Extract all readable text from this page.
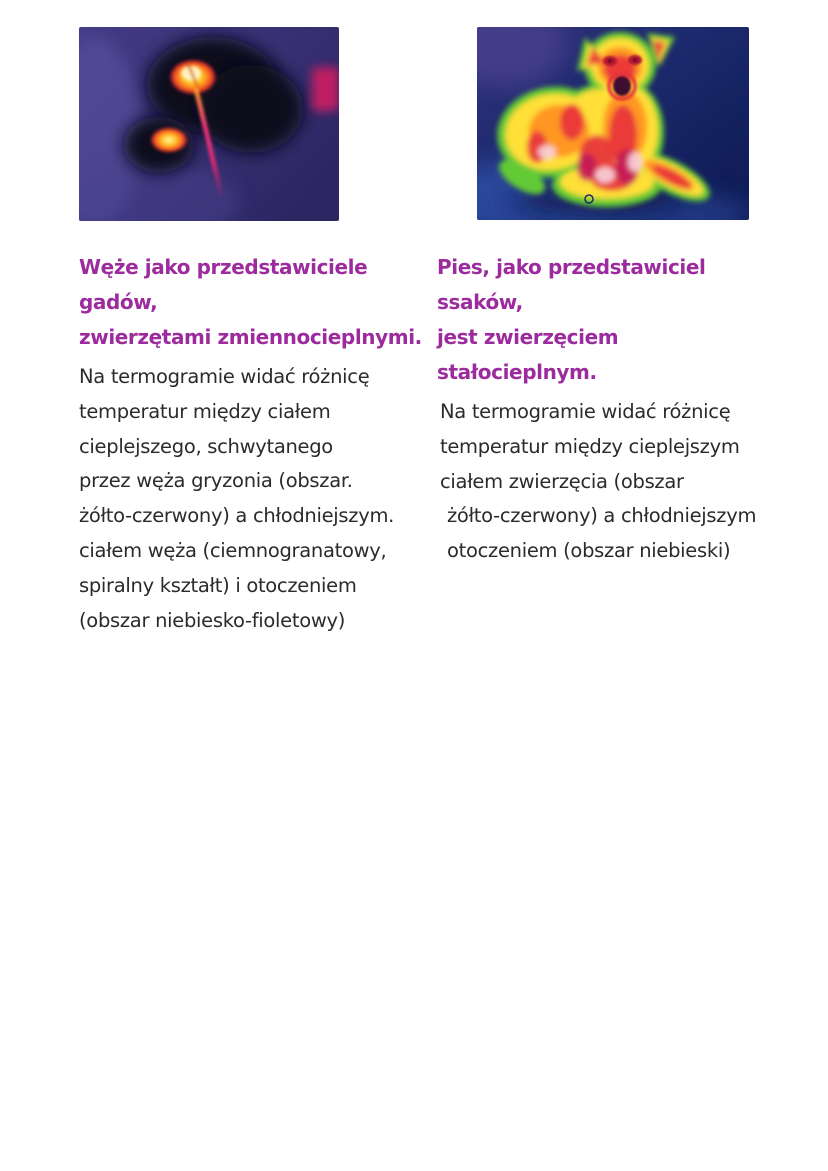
Węże jako przedstawiciele gadów,
zwierzętami zmiennocieplnymi.

Na termogramie widać różnicę
temperatur między ciałem
cieplejszego, schwytanego
przez węża gryzonia (obszar.
żółto-czerwony) a chłodniejszym.
ciałem węża (ciemnogranatowy,
spiralny kształt) i otoczeniem
(obszar niebiesko-fioletowy)

Pies, jako przedstawiciel ssaków,
jest zwierzęciem stałocieplnym.

Na termogramie widać różnicę
temperatur między cieplejszym
ciałem zwierzęcia (obszar
żółto-czerwony) a chłodniejszym
otoczeniem (obszar niebieski)
